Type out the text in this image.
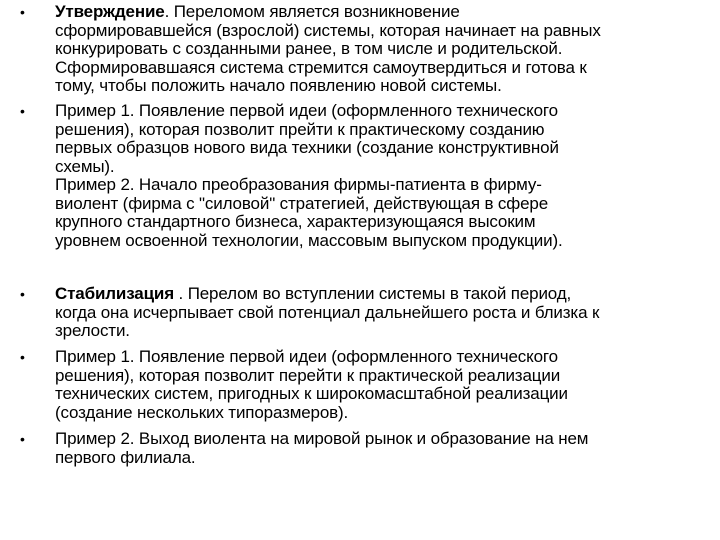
• Утверждение. Переломом является возникновение
сформировавшейся (взрослой) системы, которая начинает на равных
конкурировать с созданными ранее, в том числе и родительской.
Сформировавшаяся система стремится самоутвердиться и готова к
тому, чтобы положить начало появлению новой системы.
• Пример 1. Появление первой идеи (оформленного технического
решения), которая позволит прейти к практическому созданию
первых образцов нового вида техники (создание конструктивной
схемы).
Пример 2. Начало преобразования фирмы-патиента в фирму-
виолент (фирма с "силовой" стратегией, действующая в сфере
крупного стандартного бизнеса, характеризующаяся высоким
уровнем освоенной технологии, массовым выпуском продукции).
• Стабилизация . Перелом во вступлении системы в такой период,
когда она исчерпывает свой потенциал дальнейшего роста и близка к
зрелости.
• Пример 1. Появление первой идеи (оформленного технического
решения), которая позволит перейти к практической реализации
технических систем, пригодных к широкомасштабной реализации
(создание нескольких типоразмеров).
• Пример 2. Выход виолента на мировой рынок и образование на нем
первого филиала.
